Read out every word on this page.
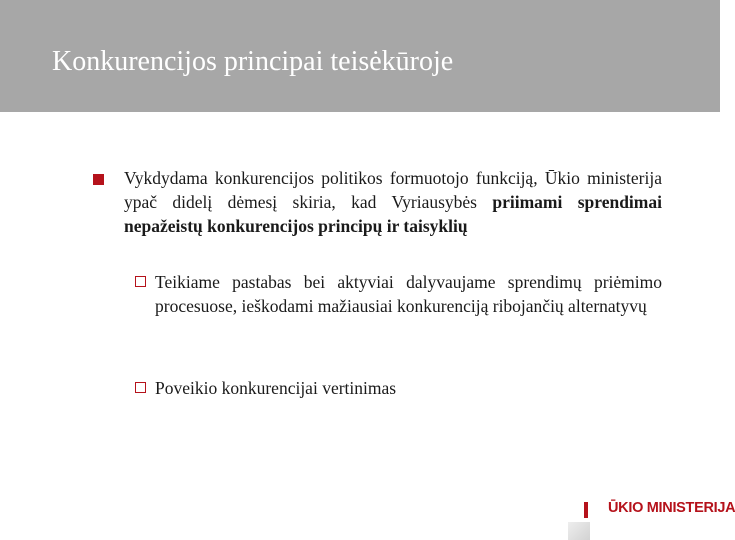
Konkurencijos principai teisėkūroje
Vykdydama konkurencijos politikos formuotojo funkciją, Ūkio ministerija ypač didelį dėmesį skiria, kad Vyriausybės priimami sprendimai nepažeistų konkurencijos principų ir taisyklių
Teikiame pastabas bei aktyviai dalyvaujame sprendimų priėmimo procesuose, ieškodami mažiausiai konkurenciją ribojančių alternatyvų
Poveikio konkurencijai vertinimas
ŪKIO MINISTERIJA
